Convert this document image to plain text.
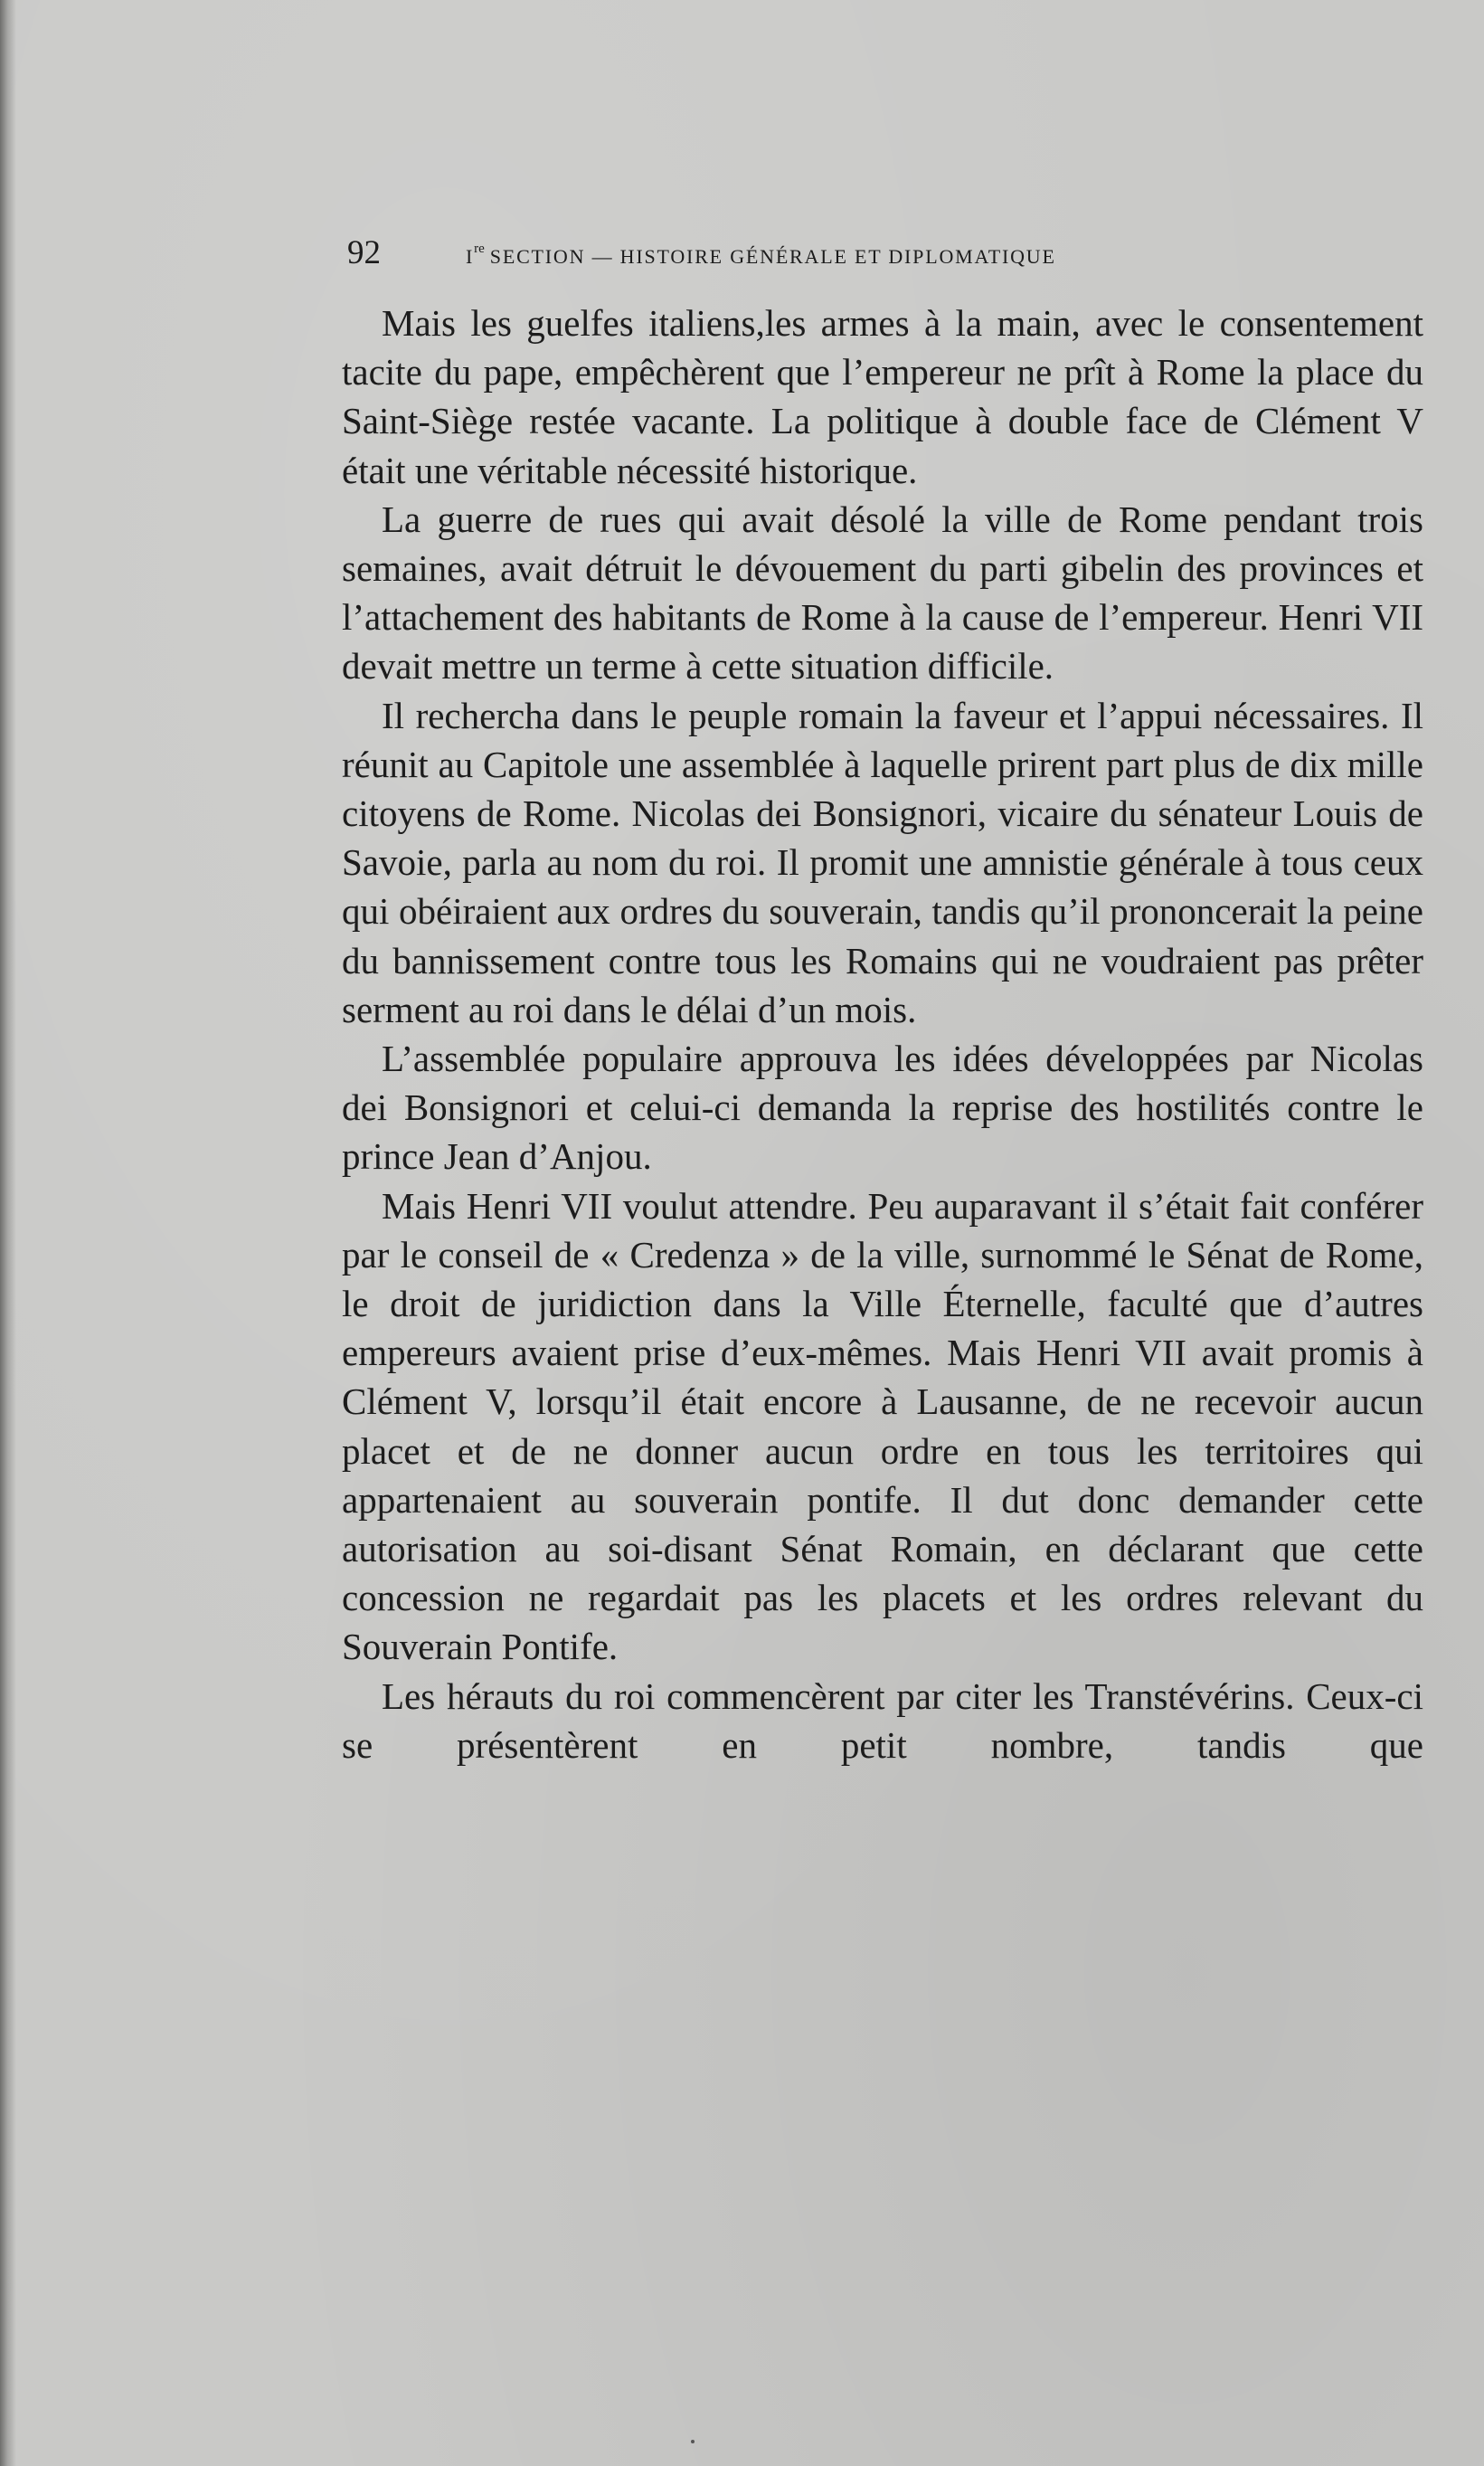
92	Ire SECTION — HISTOIRE GÉNÉRALE ET DIPLOMATIQUE

Mais les guelfes italiens,les armes à la main, avec le consentement tacite du pape, empêchèrent que l’empereur ne prît à Rome la place du Saint-Siège restée vacante. La politique à double face de Clément V était une véritable nécessité historique.

La guerre de rues qui avait désolé la ville de Rome pendant trois semaines, avait détruit le dévouement du parti gibelin des provinces et l’attachement des habitants de Rome à la cause de l’empereur. Henri VII devait mettre un terme à cette situation difficile.

Il rechercha dans le peuple romain la faveur et l’appui nécessaires. Il réunit au Capitole une assemblée à laquelle prirent part plus de dix mille citoyens de Rome. Nicolas dei Bonsignori, vicaire du sénateur Louis de Savoie, parla au nom du roi. Il promit une amnistie générale à tous ceux qui obéiraient aux ordres du souverain, tandis qu’il prononcerait la peine du bannissement contre tous les Romains qui ne voudraient pas prêter serment au roi dans le délai d’un mois.

L’assemblée populaire approuva les idées développées par Nicolas dei Bonsignori et celui-ci demanda la reprise des hostilités contre le prince Jean d’Anjou.

Mais Henri VII voulut attendre. Peu auparavant il s’était fait conférer par le conseil de « Credenza » de la ville, surnommé le Sénat de Rome, le droit de juridiction dans la Ville Éternelle, faculté que d’autres empereurs avaient prise d’eux-mêmes. Mais Henri VII avait promis à Clément V, lorsqu’il était encore à Lausanne, de ne recevoir aucun placet et de ne donner aucun ordre en tous les territoires qui appartenaient au souverain pontife. Il dut donc demander cette autorisation au soi-disant Sénat Romain, en déclarant que cette concession ne regardait pas les placets et les ordres relevant du Souverain Pontife.

Les hérauts du roi commencèrent par citer les Transtévérins. Ceux-ci se présentèrent en petit nombre, tandis que
